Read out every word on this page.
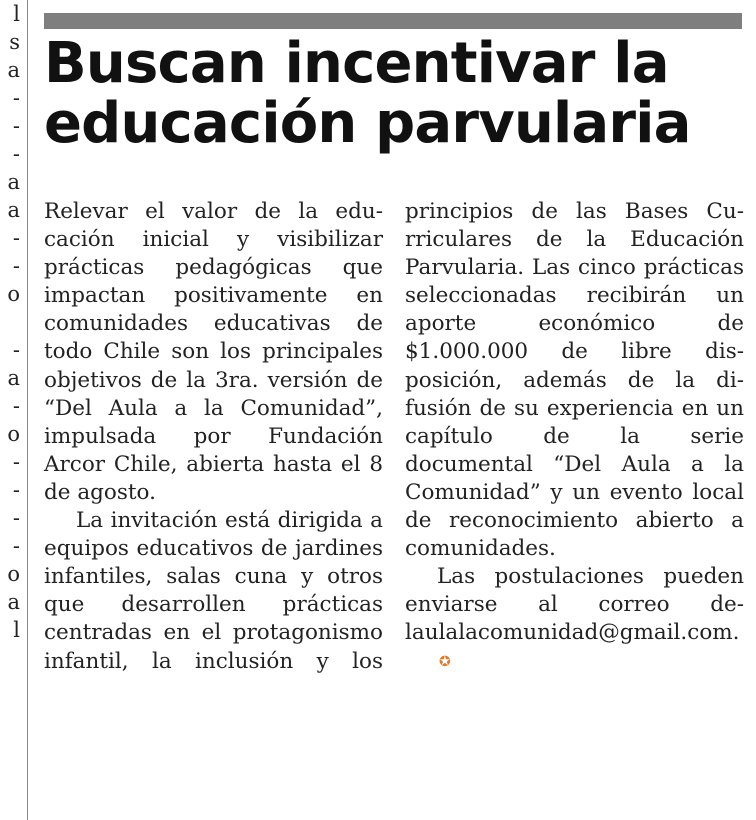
l
s
a
-
-
-
a
a
-
-
o
-
a
-
o
-
-
-
-
o
a
l
Buscan incentivar la educación parvularia

Relevar el valor de la educación inicial y visibilizar prácticas pedagógicas que impactan positivamente en comunidades educativas de todo Chile son los principales objetivos de la 3ra. versión de “Del Aula a la Comunidad”, impulsada por Fundación Arcor Chile, abierta hasta el 8 de agosto.

La invitación está dirigida a equipos educativos de jardines infantiles, salas cuna y otros que desarrollen prácticas centradas en el protagonismo infantil, la inclusión y los principios de las Bases Curriculares de la Educación Parvularia. Las cinco prácticas seleccionadas recibirán un aporte económico de $1.000.000 de libre disposición, además de la difusión de su experiencia en un capítulo de la serie documental “Del Aula a la Comunidad” y un evento local de reconocimiento abierto a comunidades.

Las postulaciones pueden enviarse al correo delaulalacomunidad@gmail.com.✪
